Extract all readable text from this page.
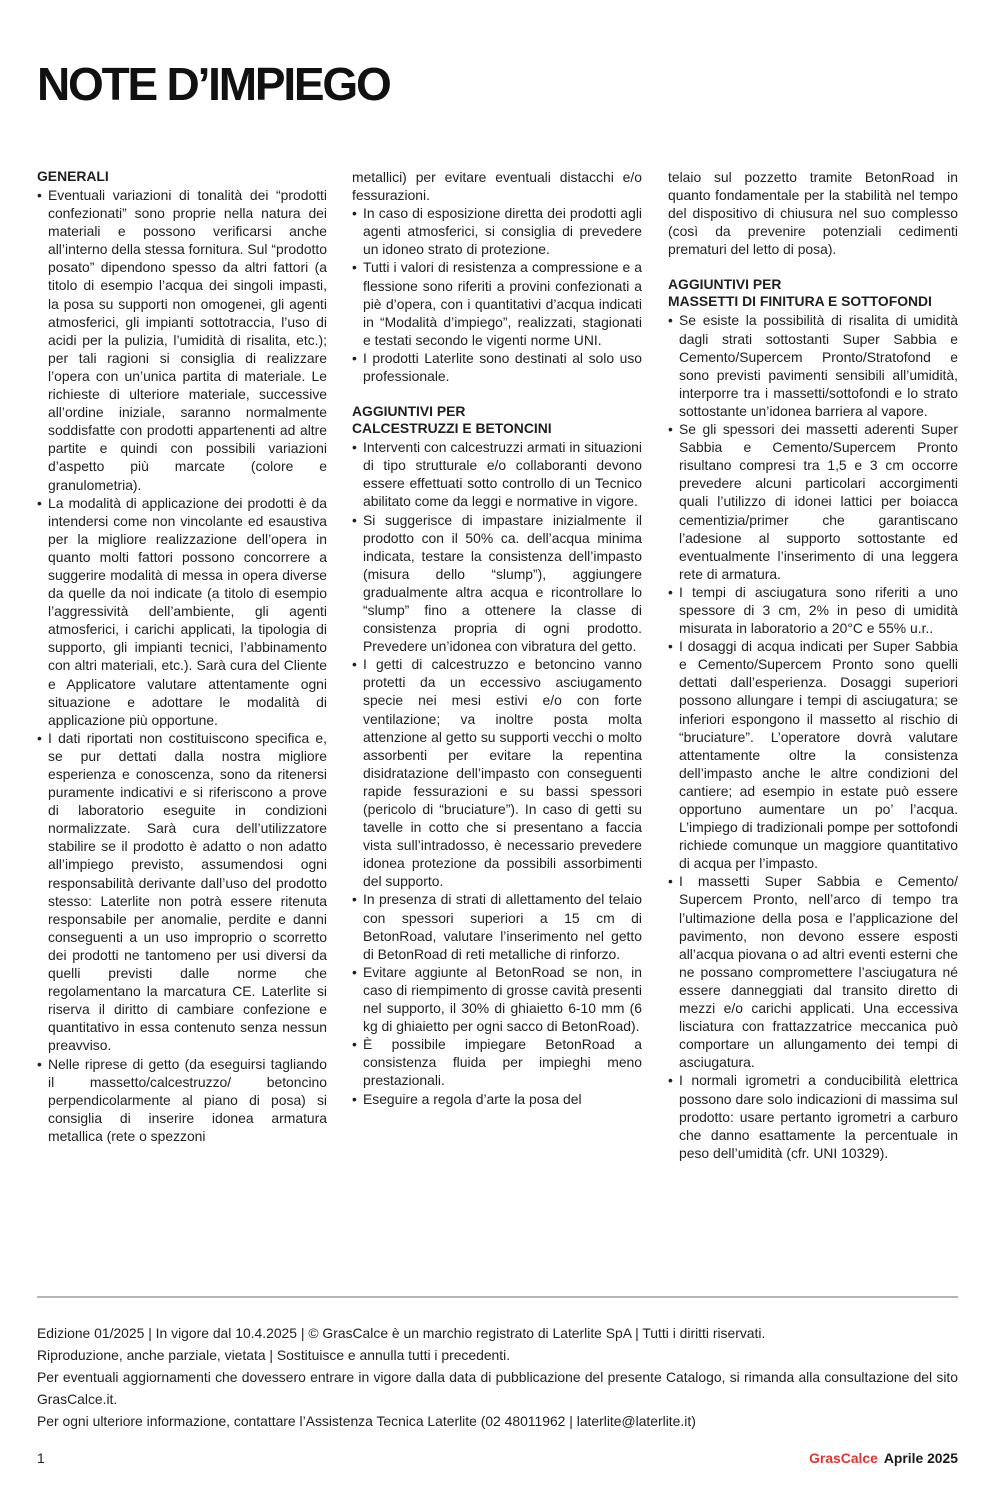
NOTE D’IMPIEGO
GENERALI
• Eventuali variazioni di tonalità dei “prodotti confezionati” sono proprie nella natura dei materiali e possono verificarsi anche all’interno della stessa fornitura. Sul “prodotto posato” dipendono spesso da altri fattori (a titolo di esempio l’acqua dei singoli impasti, la posa su supporti non omogenei, gli agenti atmosferici, gli impianti sottotraccia, l’uso di acidi per la pulizia, l’umidità di risalita, etc.); per tali ragioni si consiglia di realizzare l’opera con un’unica partita di materiale. Le richieste di ulteriore materiale, successive all’ordine iniziale, saranno normalmente soddisfatte con prodotti appartenenti ad altre partite e quindi con possibili variazioni d’aspetto più marcate (colore e granulometria).
• La modalità di applicazione dei prodotti è da intendersi come non vincolante ed esaustiva per la migliore realizzazione dell’opera in quanto molti fattori possono concorrere a suggerire modalità di messa in opera diverse da quelle da noi indicate (a titolo di esempio l’aggressività dell’ambiente, gli agenti atmosferici, i carichi applicati, la tipologia di supporto, gli impianti tecnici, l’abbinamento con altri materiali, etc.). Sarà cura del Cliente e Applicatore valutare attentamente ogni situazione e adottare le modalità di applicazione più opportune.
• I dati riportati non costituiscono specifica e, se pur dettati dalla nostra migliore esperienza e conoscenza, sono da ritenersi puramente indicativi e si riferiscono a prove di laboratorio eseguite in condizioni normalizzate. Sarà cura dell’utilizzatore stabilire se il prodotto è adatto o non adatto all’impiego previsto, assumendosi ogni responsabilità derivante dall’uso del prodotto stesso: Laterlite non potrà essere ritenuta responsabile per anomalie, perdite e danni conseguenti a un uso improprio o scorretto dei prodotti ne tantomeno per usi diversi da quelli previsti dalle norme che regolamentano la marcatura CE. Laterlite si riserva il diritto di cambiare confezione e quantitativo in essa contenuto senza nessun preavviso.
• Nelle riprese di getto (da eseguirsi tagliando il massetto/calcestruzzo/ betoncino perpendicolarmente al piano di posa) si consiglia di inserire idonea armatura metallica (rete o spezzoni

metallici) per evitare eventuali distacchi e/o fessurazioni.

• In caso di esposizione diretta dei prodotti agli agenti atmosferici, si consiglia di prevedere un idoneo strato di protezione.
• Tutti i valori di resistenza a compressione e a flessione sono riferiti a provini confezionati a piè d’opera, con i quantitativi d’acqua indicati in “Modalità d’impiego”, realizzati, stagionati e testati secondo le vigenti norme UNI.
• I prodotti Laterlite sono destinati al solo uso professionale.
AGGIUNTIVI PER
CALCESTRUZZI E BETONCINI
• Interventi con calcestruzzi armati in situazioni di tipo strutturale e/o collaboranti devono essere effettuati sotto controllo di un Tecnico abilitato come da leggi e normative in vigore.
• Si suggerisce di impastare inizialmente il prodotto con il 50% ca. dell’acqua minima indicata, testare la consistenza dell’impasto (misura dello “slump”), aggiungere gradualmente altra acqua e ricontrollare lo “slump” fino a ottenere la classe di consistenza propria di ogni prodotto. Prevedere un’idonea con vibratura del getto.
• I getti di calcestruzzo e betoncino vanno protetti da un eccessivo asciugamento specie nei mesi estivi e/o con forte ventilazione; va inoltre posta molta attenzione al getto su supporti vecchi o molto assorbenti per evitare la repentina disidratazione dell’impasto con conseguenti rapide fessurazioni e su bassi spessori (pericolo di “bruciature”). In caso di getti su tavelle in cotto che si presentano a faccia vista sull’intradosso, è necessario prevedere idonea protezione da possibili assorbimenti del supporto.
• In presenza di strati di allettamento del telaio con spessori superiori a 15 cm di BetonRoad, valutare l’inserimento nel getto di BetonRoad di reti metalliche di rinforzo.
• Evitare aggiunte al BetonRoad se non, in caso di riempimento di grosse cavità presenti nel supporto, il 30% di ghiaietto 6-10 mm (6 kg di ghiaietto per ogni sacco di BetonRoad).
• È possibile impiegare BetonRoad a consistenza fluida per impieghi meno prestazionali.
• Eseguire a regola d’arte la posa del

telaio sul pozzetto tramite BetonRoad in quanto fondamentale per la stabilità nel tempo del dispositivo di chiusura nel suo complesso (così da prevenire potenziali cedimenti prematuri del letto di posa).

AGGIUNTIVI PER
MASSETTI DI FINITURA E SOTTOFONDI
• Se esiste la possibilità di risalita di umidità dagli strati sottostanti Super Sabbia e Cemento/Supercem Pronto/Stratofond e sono previsti pavimenti sensibili all’umidità, interporre tra i massetti/sottofondi e lo strato sottostante un’idonea barriera al vapore.
• Se gli spessori dei massetti aderenti Super Sabbia e Cemento/Supercem Pronto risultano compresi tra 1,5 e 3 cm occorre prevedere alcuni particolari accorgimenti quali l’utilizzo di idonei lattici per boiacca cementizia/primer che garantiscano l’adesione al supporto sottostante ed eventualmente l’inserimento di una leggera rete di armatura.
• I tempi di asciugatura sono riferiti a uno spessore di 3 cm, 2% in peso di umidità misurata in laboratorio a 20°C e 55% u.r..
• I dosaggi di acqua indicati per Super Sabbia e Cemento/Supercem Pronto sono quelli dettati dall’esperienza. Dosaggi superiori possono allungare i tempi di asciugatura; se inferiori espongono il massetto al rischio di “bruciature”. L’operatore dovrà valutare attentamente oltre la consistenza dell’impasto anche le altre condizioni del cantiere; ad esempio in estate può essere opportuno aumentare un po’ l’acqua. L’impiego di tradizionali pompe per sottofondi richiede comunque un maggiore quantitativo di acqua per l’impasto.
• I massetti Super Sabbia e Cemento/ Supercem Pronto, nell’arco di tempo tra l’ultimazione della posa e l’applicazione del pavimento, non devono essere esposti all’acqua piovana o ad altri eventi esterni che ne possano compromettere l’asciugatura né essere danneggiati dal transito diretto di mezzi e/o carichi applicati. Una eccessiva lisciatura con frattazzatrice meccanica può comportare un allungamento dei tempi di asciugatura.
• I normali igrometri a conducibilità elettrica possono dare solo indicazioni di massima sul prodotto: usare pertanto igrometri a carburo che danno esattamente la percentuale in peso dell’umidità (cfr. UNI 10329).

Edizione 01/2025 | In vigore dal 10.4.2025 | © GrasCalce è un marchio registrato di Laterlite SpA | Tutti i diritti riservati.

Riproduzione, anche parziale, vietata | Sostituisce e annulla tutti i precedenti.

Per eventuali aggiornamenti che dovessero entrare in vigore dalla data di pubblicazione del presente Catalogo, si rimanda alla consultazione del sito GrasCalce.it.

Per ogni ulteriore informazione, contattare l’Assistenza Tecnica Laterlite (02 48011962 | laterlite@laterlite.it)

1	GrasCalce Aprile 2025
